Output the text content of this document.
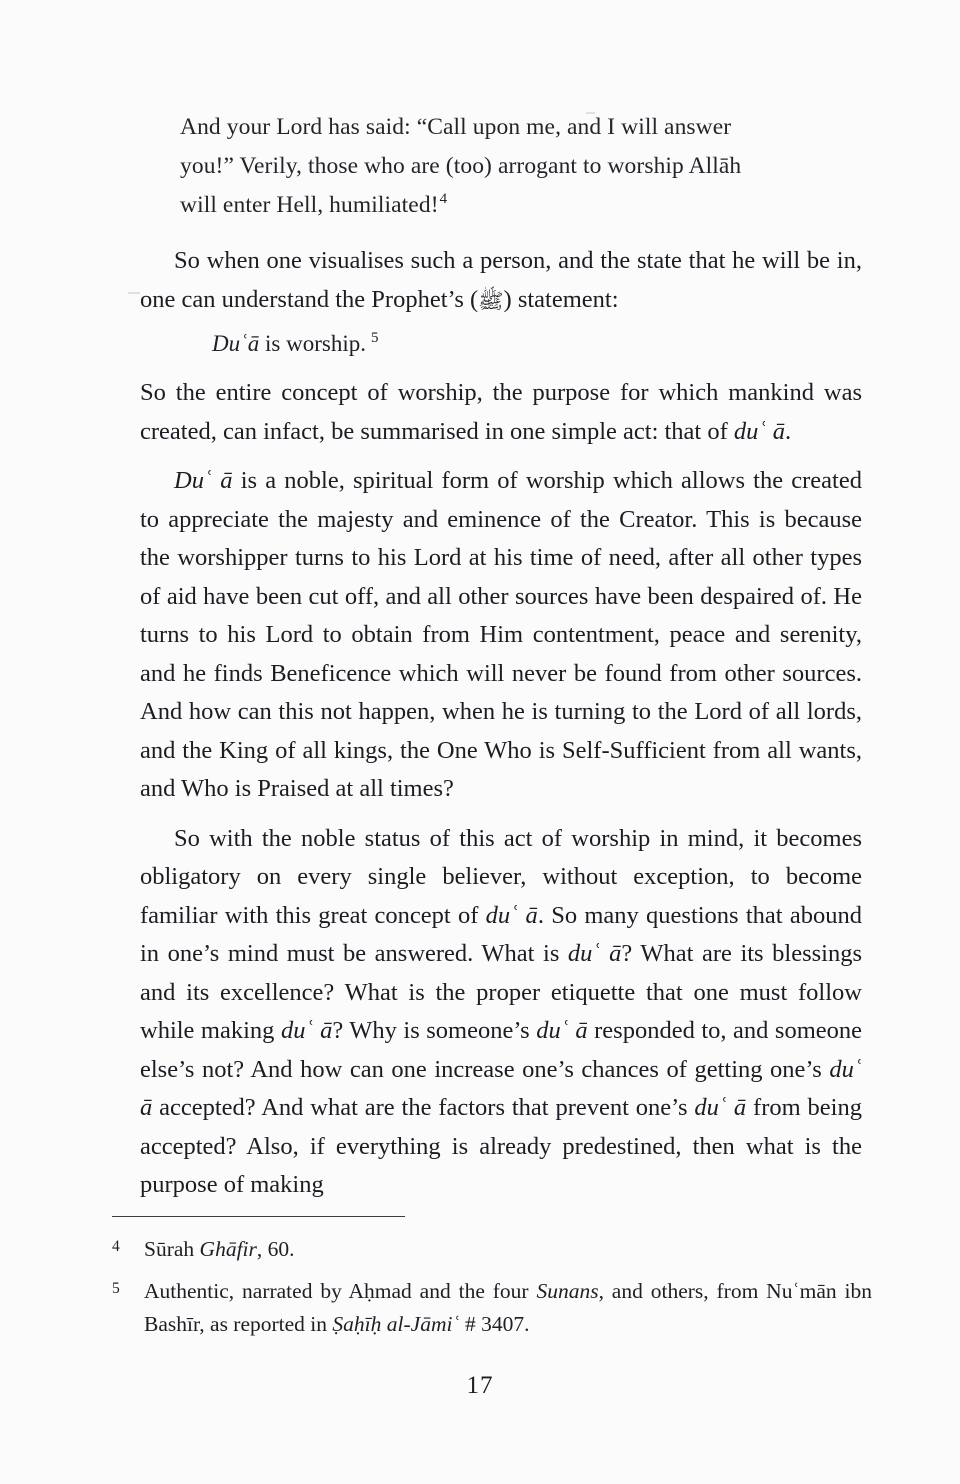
And your Lord has said: “Call upon me, and I will answer
you!” Verily, those who are (too) arrogant to worship Allāh
will enter Hell, humiliated!$^4$

So when one visualises such a person, and the state that he will be in, one can understand the Prophet’s (ﷺ) statement:

Duʿā is worship. $^5$

So the entire concept of worship, the purpose for which mankind was created, can infact, be summarised in one simple act: that of duʿ ā.

Duʿ ā is a noble, spiritual form of worship which allows the created to appreciate the majesty and eminence of the Creator. This is because the worshipper turns to his Lord at his time of need, after all other types of aid have been cut off, and all other sources have been despaired of. He turns to his Lord to obtain from Him contentment, peace and serenity, and he finds Beneficence which will never be found from other sources. And how can this not happen, when he is turning to the Lord of all lords, and the King of all kings, the One Who is Self-Sufficient from all wants, and Who is Praised at all times?

So with the noble status of this act of worship in mind, it becomes obligatory on every single believer, without exception, to become familiar with this great concept of duʿ ā. So many questions that abound in one’s mind must be answered. What is duʿ ā? What are its blessings and its excellence? What is the proper etiquette that one must follow while making duʿ ā? Why is someone’s duʿ ā responded to, and someone else’s not? And how can one increase one’s chances of getting one’s duʿ ā accepted? And what are the factors that prevent one’s duʿ ā from being accepted? Also, if everything is already predestined, then what is the purpose of making

4	Sūrah Ghāfir, 60.
5	Authentic, narrated by Aḥmad and the four Sunans, and others, from Nuʿmān ibn Bashīr, as reported in Ṣaḥīḥ al-Jāmiʿ # 3407.
17
